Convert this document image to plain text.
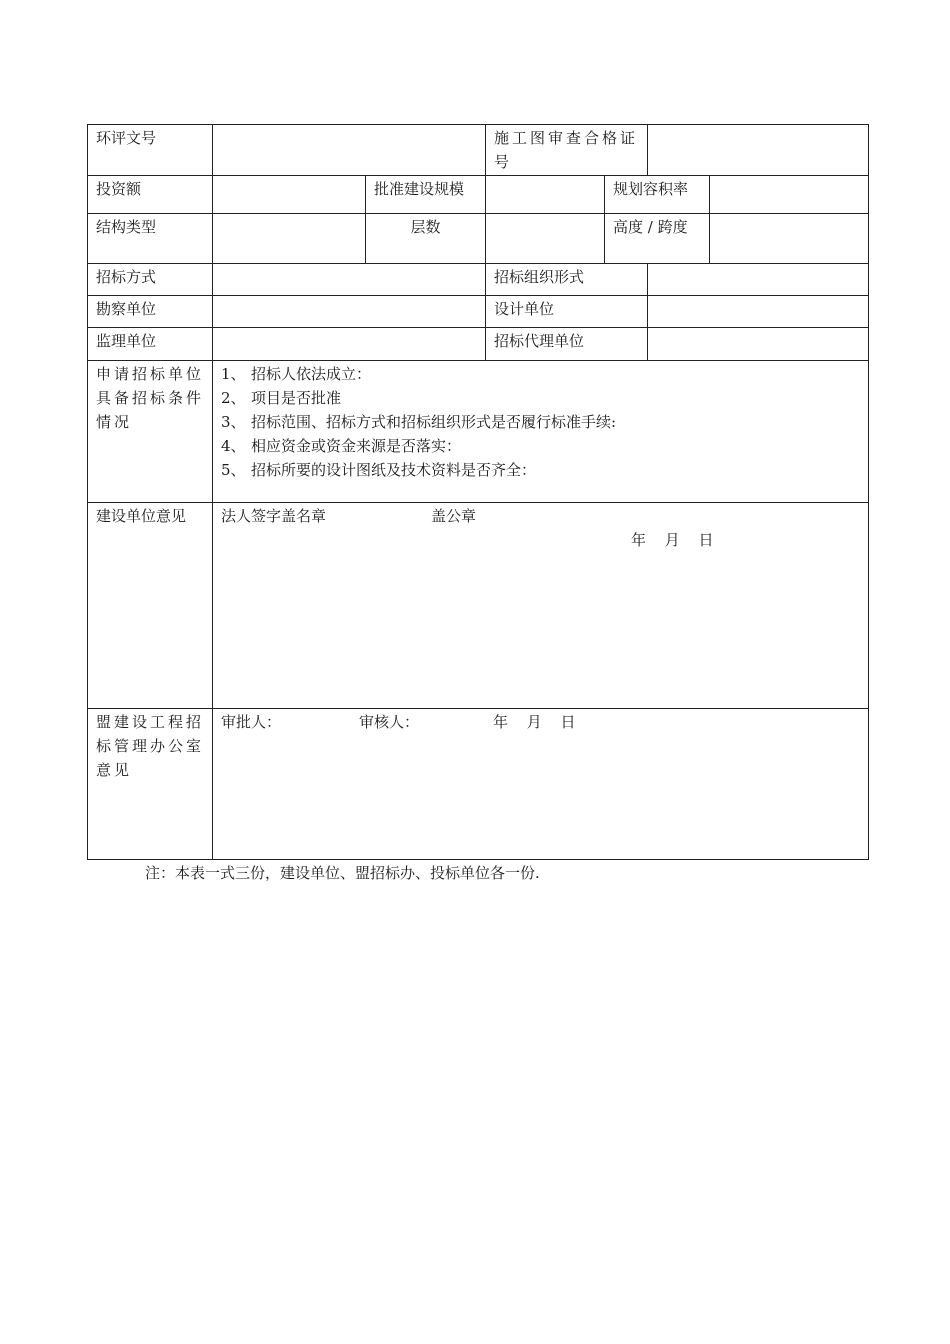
环评文号			施工图审查合格证号			
投资额		批准建设规模		规划容积率		
结构类型		层数		高度 / 跨度		
招标方式			招标组织形式			
勘察单位			设计单位			
监理单位			招标代理单位			
申请招标单位具备招标条件情况	1、 招标人依法成立：
2、 项目是否批准
3、 招标范围、招标方式和招标组织形式是否履行标准手续:
4、 相应资金或资金来源是否落实：
5、 招标所要的设计图纸及技术资料是否齐全：					

建设单位意见	法人签字盖名章 盖公章
年 月 日					

盟建设工程招标管理办公室意见	审批人： 审核人： 年 月 日					
注：本表一式三份，建设单位、盟招标办、投标单位各一份.
